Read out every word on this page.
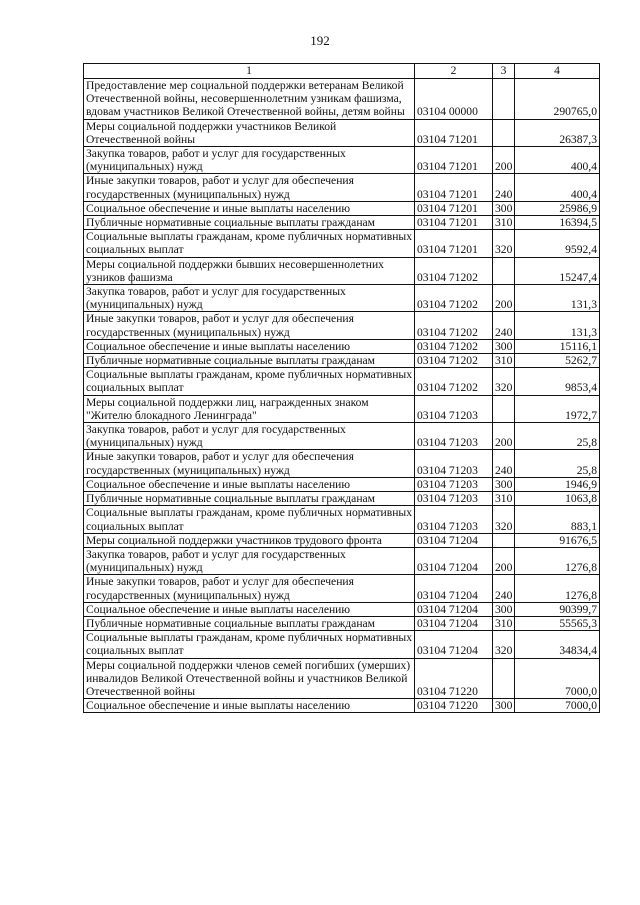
192
1	2	3	4
Предоставление мер социальной поддержки ветеранам Великой Отечественной войны, несовершеннолетним узникам фашизма, вдовам участников Великой Отечественной войны, детям войны	03104 00000		290765,0
Меры социальной поддержки участников Великой Отечественной войны	03104 71201		26387,3
Закупка товаров, работ и услуг для государственных (муниципальных) нужд	03104 71201	200	400,4
Иные закупки товаров, работ и услуг для обеспечения государственных (муниципальных) нужд	03104 71201	240	400,4
Социальное обеспечение и иные выплаты населению	03104 71201	300	25986,9
Публичные нормативные социальные выплаты гражданам	03104 71201	310	16394,5
Социальные выплаты гражданам, кроме публичных нормативных социальных выплат	03104 71201	320	9592,4
Меры социальной поддержки бывших несовершеннолетних узников фашизма	03104 71202		15247,4
Закупка товаров, работ и услуг для государственных (муниципальных) нужд	03104 71202	200	131,3
Иные закупки товаров, работ и услуг для обеспечения государственных (муниципальных) нужд	03104 71202	240	131,3
Социальное обеспечение и иные выплаты населению	03104 71202	300	15116,1
Публичные нормативные социальные выплаты гражданам	03104 71202	310	5262,7
Социальные выплаты гражданам, кроме публичных нормативных социальных выплат	03104 71202	320	9853,4
Меры социальной поддержки лиц, награжденных знаком "Жителю блокадного Ленинграда"	03104 71203		1972,7
Закупка товаров, работ и услуг для государственных (муниципальных) нужд	03104 71203	200	25,8
Иные закупки товаров, работ и услуг для обеспечения государственных (муниципальных) нужд	03104 71203	240	25,8
Социальное обеспечение и иные выплаты населению	03104 71203	300	1946,9
Публичные нормативные социальные выплаты гражданам	03104 71203	310	1063,8
Социальные выплаты гражданам, кроме публичных нормативных социальных выплат	03104 71203	320	883,1
Меры социальной поддержки участников трудового фронта	03104 71204		91676,5
Закупка товаров, работ и услуг для государственных (муниципальных) нужд	03104 71204	200	1276,8
Иные закупки товаров, работ и услуг для обеспечения государственных (муниципальных) нужд	03104 71204	240	1276,8
Социальное обеспечение и иные выплаты населению	03104 71204	300	90399,7
Публичные нормативные социальные выплаты гражданам	03104 71204	310	55565,3
Социальные выплаты гражданам, кроме публичных нормативных социальных выплат	03104 71204	320	34834,4
Меры социальной поддержки членов семей погибших (умерших) инвалидов Великой Отечественной войны и участников Великой Отечественной войны	03104 71220		7000,0
Социальное обеспечение и иные выплаты населению	03104 71220	300	7000,0
